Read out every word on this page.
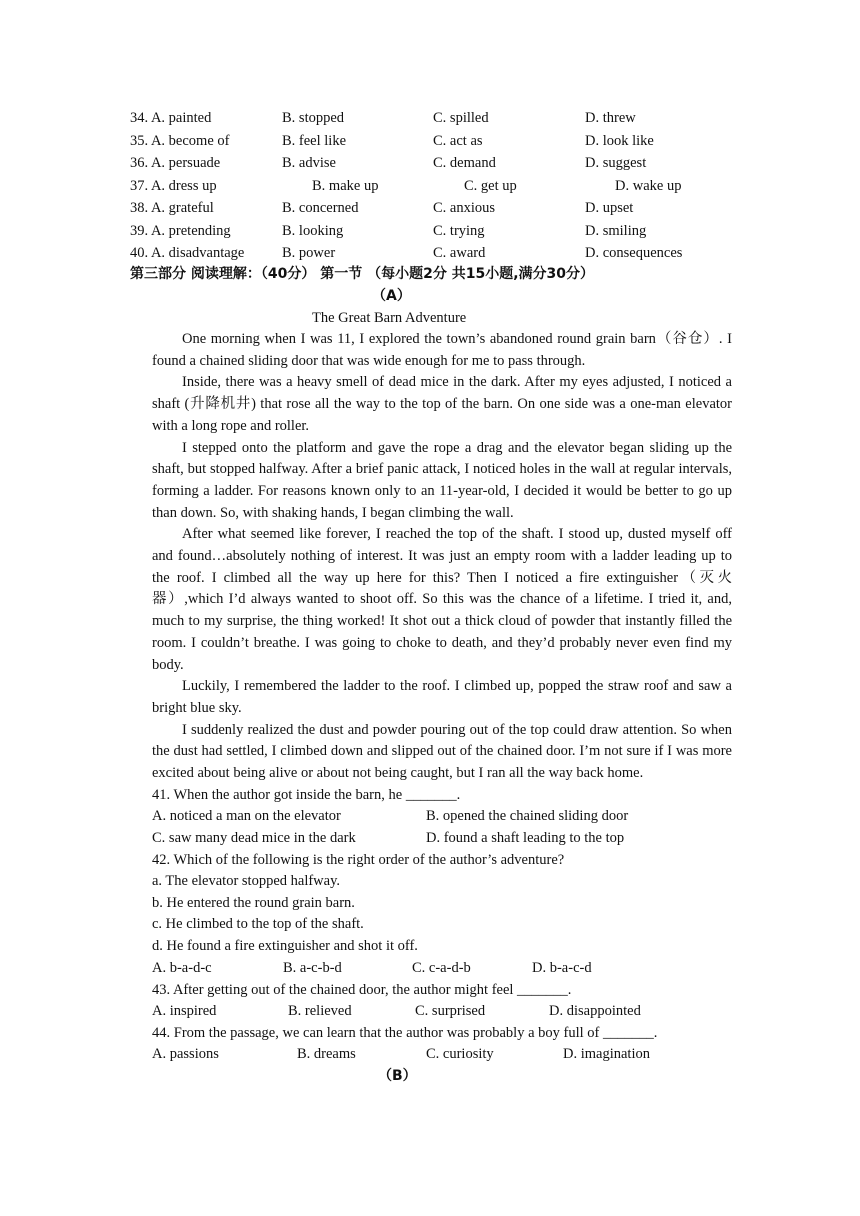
34. A. painted	B. stopped	C. spilled	D. threw
35. A. become of	B. feel like	C. act as	D. look like
36. A. persuade	B. advise	C. demand	D. suggest
37. A. dress up	B. make up	C. get up	D. wake up
38. A. grateful	B. concerned	C. anxious	D. upset
39. A. pretending	B. looking	C. trying	D. smiling
40. A. disadvantage	B. power	C. award	D. consequences
第三部分 阅读理解：（40分） 第一节 （每小题2分 共15小题,满分30分）
（A）
The Great Barn Adventure

One morning when I was 11, I explored the town’s abandoned round grain barn（谷仓）. I found a chained sliding door that was wide enough for me to pass through.

Inside, there was a heavy smell of dead mice in the dark. After my eyes adjusted, I noticed a shaft (升降机井) that rose all the way to the top of the barn. On one side was a one-man elevator with a long rope and roller.

I stepped onto the platform and gave the rope a drag and the elevator began sliding up the shaft, but stopped halfway. After a brief panic attack, I noticed holes in the wall at regular intervals, forming a ladder. For reasons known only to an 11-year-old, I decided it would be better to go up than down. So, with shaking hands, I began climbing the wall.

After what seemed like forever, I reached the top of the shaft. I stood up, dusted myself off and found…absolutely nothing of interest. It was just an empty room with a ladder leading up to the roof. I climbed all the way up here for this? Then I noticed a fire extinguisher（灭火器）,which I’d always wanted to shoot off. So this was the chance of a lifetime. I tried it, and, much to my surprise, the thing worked! It shot out a thick cloud of powder that instantly filled the room. I couldn’t breathe. I was going to choke to death, and they’d probably never even find my body.

Luckily, I remembered the ladder to the roof. I climbed up, popped the straw roof and saw a bright blue sky.

I suddenly realized the dust and powder pouring out of the top could draw attention. So when the dust had settled, I climbed down and slipped out of the chained door. I’m not sure if I was more excited about being alive or about not being caught, but I ran all the way back home.

41. When the author got inside the barn, he _______.
A. noticed a man on the elevator	B. opened the chained sliding door
C. saw many dead mice in the dark	D. found a shaft leading to the top
42. Which of the following is the right order of the author’s adventure?
a. The elevator stopped halfway.
b. He entered the round grain barn.
c. He climbed to the top of the shaft.
d. He found a fire extinguisher and shot it off.
A. b-a-d-c	B. a-c-b-d	C. c-a-d-b	D. b-a-c-d
43. After getting out of the chained door, the author might feel _______.
A. inspired	B. relieved	C. surprised	D. disappointed
44. From the passage, we can learn that the author was probably a boy full of _______.
A. passions	B. dreams	C. curiosity	D. imagination
（B）
